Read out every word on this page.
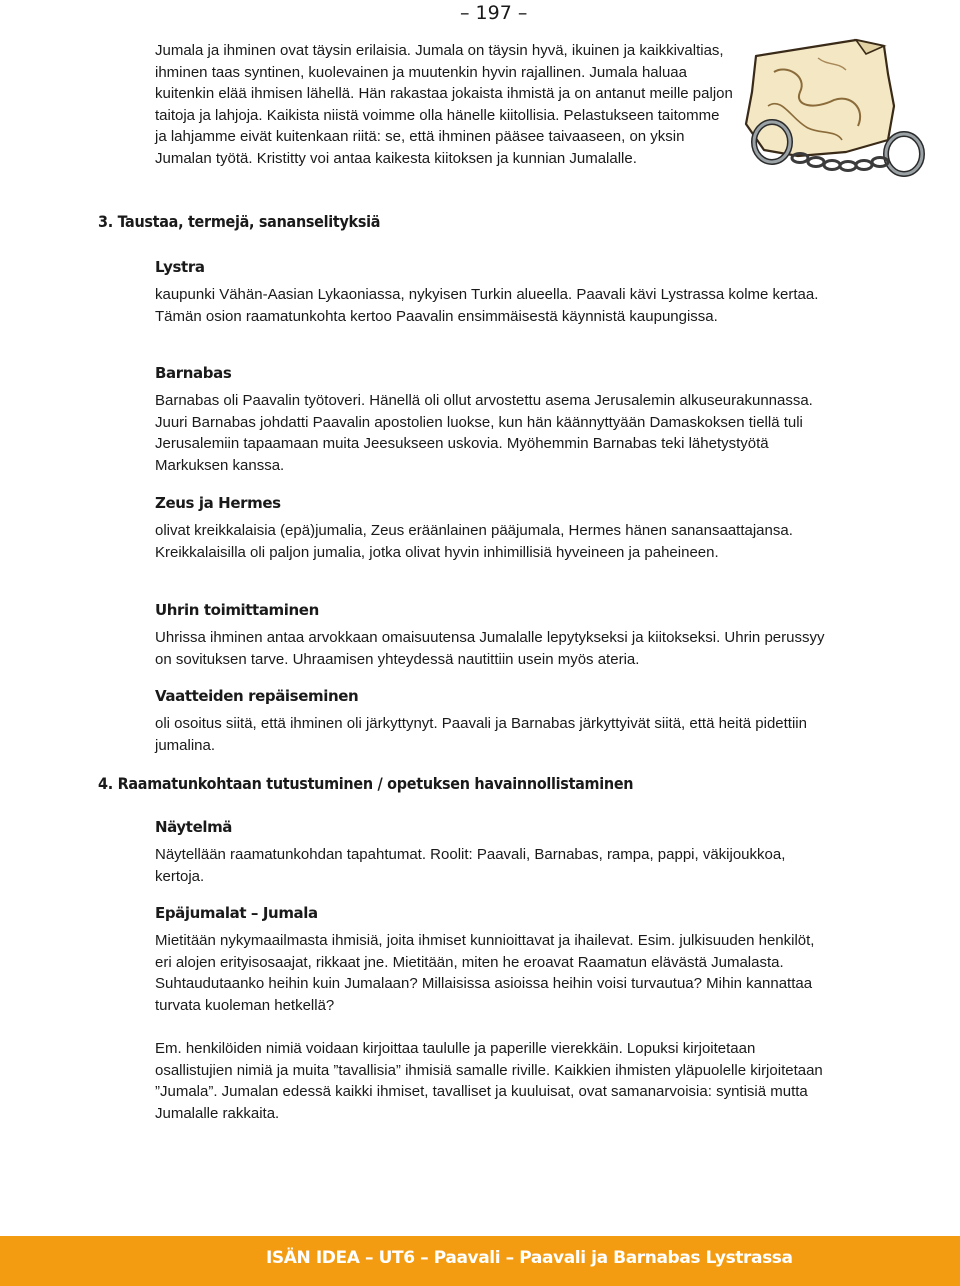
– 197 –

Jumala ja ihminen ovat täysin erilaisia. Jumala on täysin hyvä, ikuinen ja kaikkivaltias, ihminen taas syntinen, kuolevainen ja muutenkin hyvin rajallinen. Jumala haluaa kuitenkin elää ihmisen lähellä. Hän rakastaa jokaista ihmistä ja on antanut meille paljon taitoja ja lahjoja. Kaikista niistä voimme olla hänelle kiitollisia. Pelastukseen taitomme ja lahjamme eivät kuitenkaan riitä: se, että ihminen pääsee taivaaseen, on yksin Jumalan työtä. Kristitty voi antaa kaikesta kiitoksen ja kunnian Jumalalle.

3. Taustaa, termejä, sananselityksiä

Lystra

kaupunki Vähän-Aasian Lykaoniassa, nykyisen Turkin alueella. Paavali kävi Lystrassa kolme kertaa. Tämän osion raamatunkohta kertoo Paavalin ensimmäisestä käynnistä kaupungissa.

Barnabas

Barnabas oli Paavalin työtoveri. Hänellä oli ollut arvostettu asema Jerusalemin alkuseurakunnassa. Juuri Barnabas johdatti Paavalin apostolien luokse, kun hän käännyttyään Damaskoksen tiellä tuli Jerusalemiin tapaamaan muita Jeesukseen uskovia. Myöhemmin Barnabas teki lähetystyötä Markuksen kanssa.

Zeus ja Hermes

olivat kreikkalaisia (epä)jumalia, Zeus eräänlainen pääjumala, Hermes hänen sanansaattajansa. Kreikkalaisilla oli paljon jumalia, jotka olivat hyvin inhimillisiä hyveineen ja paheineen.

Uhrin toimittaminen

Uhrissa ihminen antaa arvokkaan omaisuutensa Jumalalle lepytykseksi ja kiitokseksi. Uhrin perussyy on sovituksen tarve. Uhraamisen yhteydessä nautittiin usein myös ateria.

Vaatteiden repäiseminen

oli osoitus siitä, että ihminen oli järkyttynyt. Paavali ja Barnabas järkyttyivät siitä, että heitä pidettiin jumalina.

4. Raamatunkohtaan tutustuminen / opetuksen havainnollistaminen

Näytelmä

Näytellään raamatunkohdan tapahtumat. Roolit: Paavali, Barnabas, rampa, pappi, väkijoukkoa, kertoja.

Epäjumalat – Jumala

Mietitään nykymaailmasta ihmisiä, joita ihmiset kunnioittavat ja ihailevat. Esim. julkisuuden henkilöt, eri alojen erityisosaajat, rikkaat jne. Mietitään, miten he eroavat Raamatun elävästä Jumalasta. Suhtaudutaanko heihin kuin Jumalaan? Millaisissa asioissa heihin voisi turvautua? Mihin kannattaa turvata kuoleman hetkellä?

Em. henkilöiden nimiä voidaan kirjoittaa taululle ja paperille vierekkäin. Lopuksi kirjoitetaan osallistujien nimiä ja muita ”tavallisia” ihmisiä samalle riville. Kaikkien ihmisten yläpuolelle kirjoitetaan ”Jumala”. Jumalan edessä kaikki ihmiset, tavalliset ja kuuluisat, ovat samanarvoisia: syntisiä mutta Jumalalle rakkaita.

ISÄN IDEA – UT6 – Paavali – Paavali ja Barnabas Lystrassa
